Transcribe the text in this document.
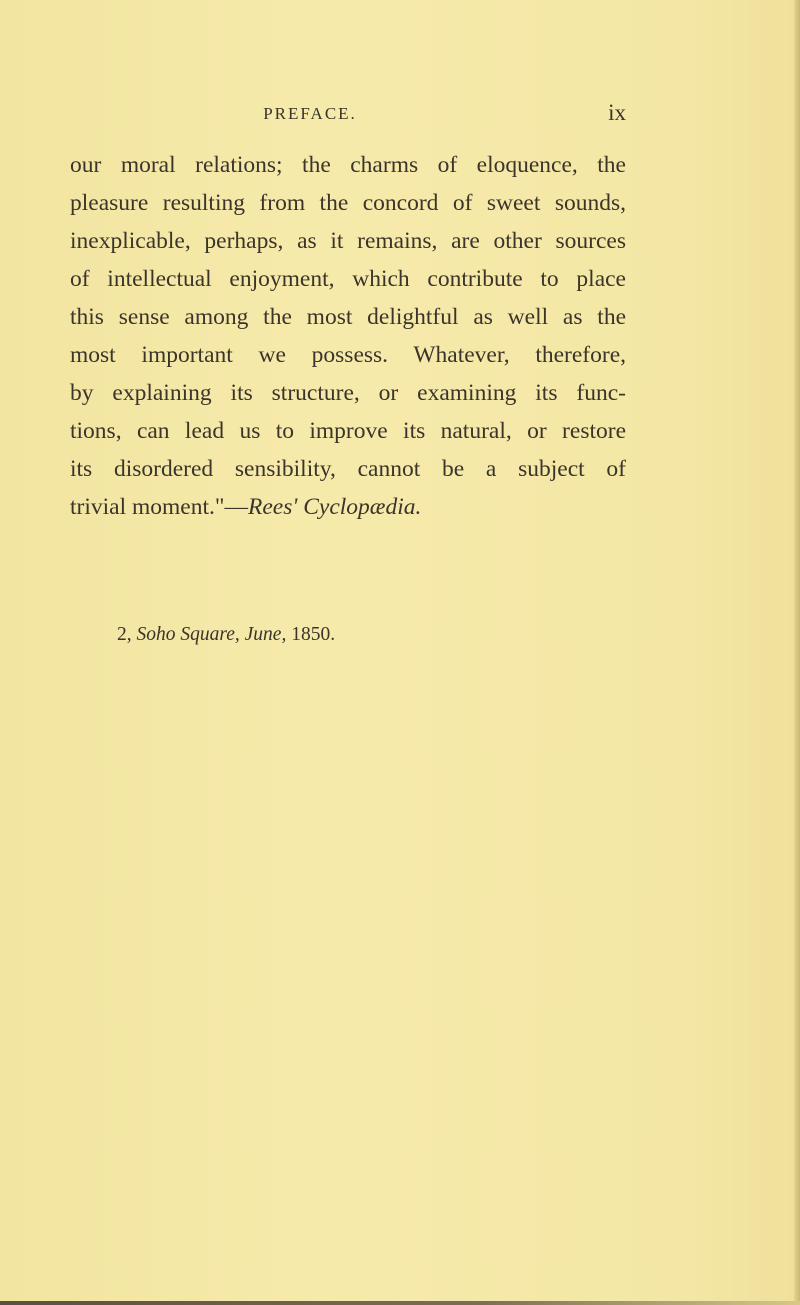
PREFACE.	ix
our moral relations; the charms of eloquence, the
pleasure resulting from the concord of sweet sounds,
inexplicable, perhaps, as it remains, are other sources
of intellectual enjoyment, which contribute to place
this sense among the most delightful as well as the
most important we possess. Whatever, therefore,
by explaining its structure, or examining its func-
tions, can lead us to improve its natural, or restore
its disordered sensibility, cannot be a subject of
trivial moment."—Rees' Cyclopædia.
2, Soho Square, June, 1850.
